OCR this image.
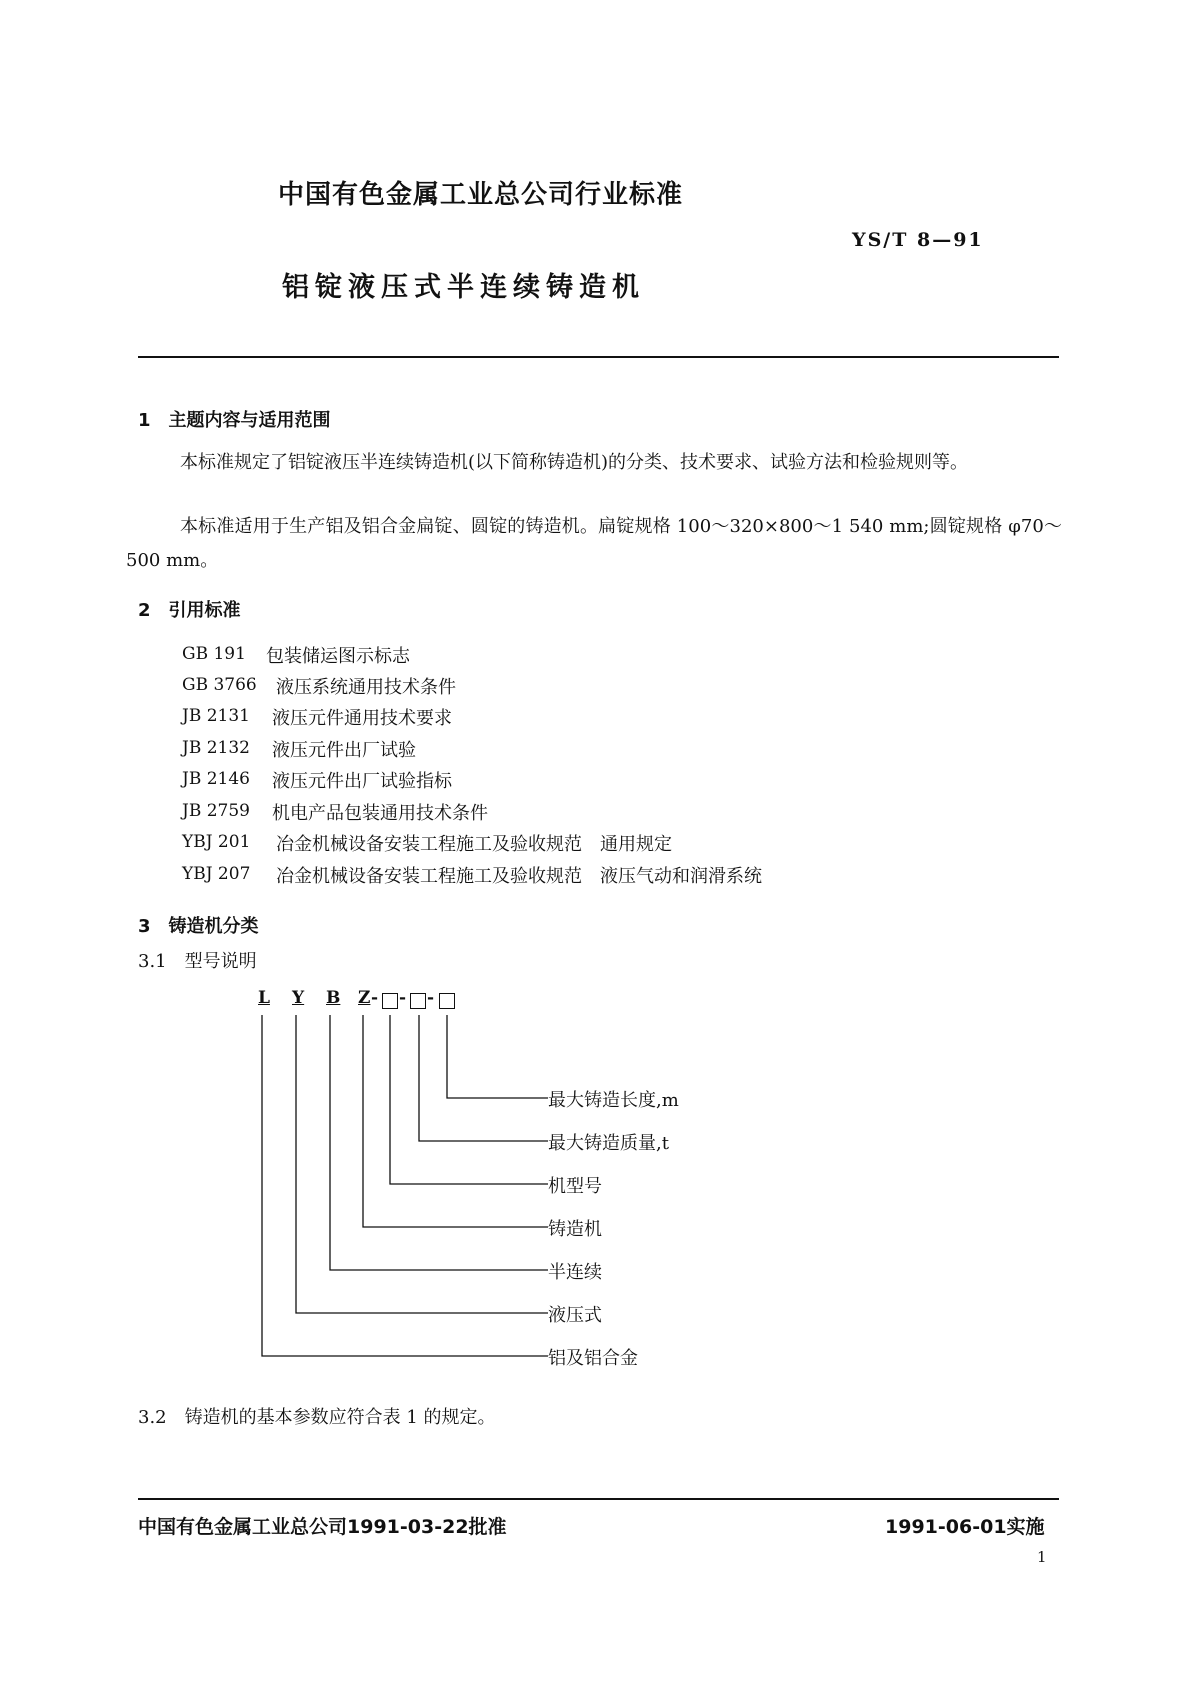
中国有色金属工业总公司行业标准
YS/T 8—91
铝锭液压式半连续铸造机
1　主题内容与适用范围
本标准规定了铝锭液压半连续铸造机(以下简称铸造机)的分类、技术要求、试验方法和检验规则等。
本标准适用于生产铝及铝合金扁锭、圆锭的铸造机。扁锭规格 100～320×800～1 540 mm;圆锭规格 φ70～500 mm。
2　引用标准
GB 191 包装储运图示标志
GB 3766 液压系统通用技术条件
JB 2131 液压元件通用技术要求
JB 2132 液压元件出厂试验
JB 2146 液压元件出厂试验指标
JB 2759 机电产品包装通用技术条件
YBJ 201 冶金机械设备安装工程施工及验收规范　通用规定
YBJ 207 冶金机械设备安装工程施工及验收规范　液压气动和润滑系统
3　铸造机分类
3.1　型号说明
L Y B Z - - -
最大铸造长度,m
最大铸造质量,t
机型号
铸造机
半连续
液压式
铝及铝合金
3.2　铸造机的基本参数应符合表 1 的规定。
中国有色金属工业总公司1991-03-22批准	1991-06-01实施
1
